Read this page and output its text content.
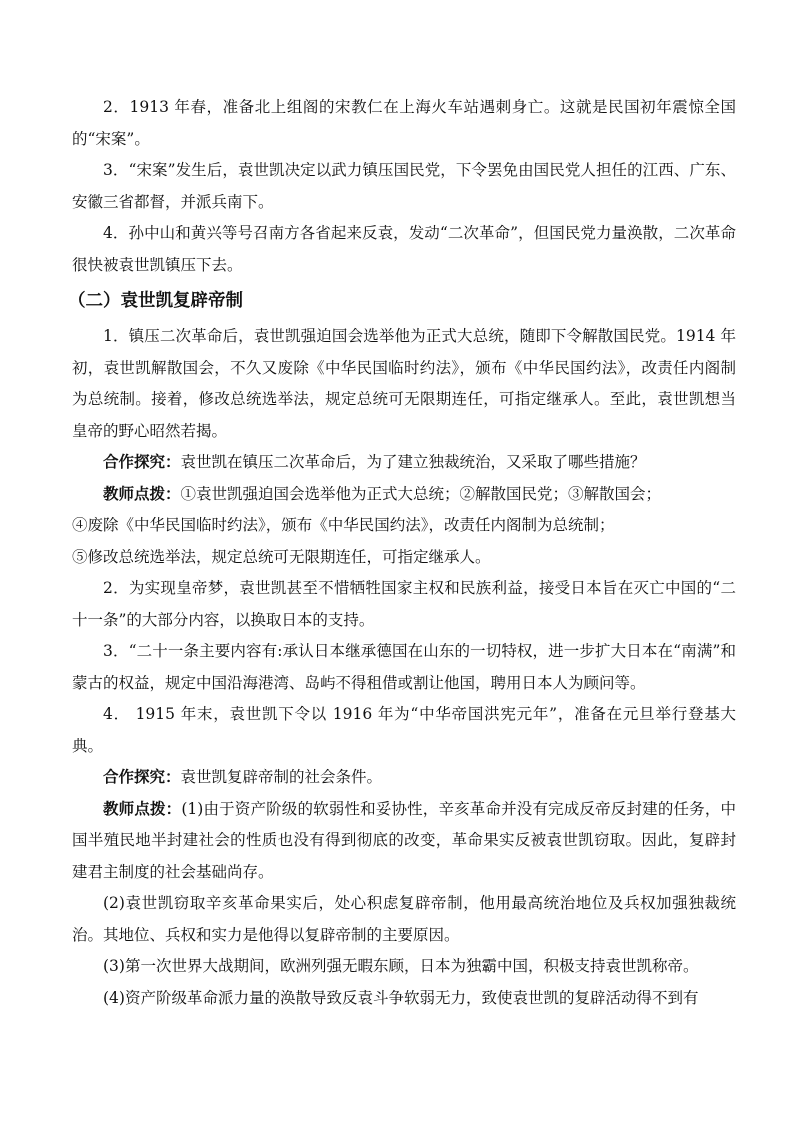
2．1913 年春，准备北上组阁的宋教仁在上海火车站遇刺身亡。这就是民国初年震惊全国的“宋案”。

3．“宋案”发生后，袁世凯决定以武力镇压国民党，下令罢免由国民党人担任的江西、广东、安徽三省都督，并派兵南下。

4．孙中山和黄兴等号召南方各省起来反袁，发动“二次革命”，但国民党力量涣散，二次革命很快被袁世凯镇压下去。

（二）袁世凯复辟帝制

1．镇压二次革命后，袁世凯强迫国会选举他为正式大总统，随即下令解散国民党。1914 年初，袁世凯解散国会，不久又废除《中华民国临时约法》，颁布《中华民国约法》，改责任内阁制为总统制。接着，修改总统选举法，规定总统可无限期连任，可指定继承人。至此，袁世凯想当皇帝的野心昭然若揭。

合作探究：袁世凯在镇压二次革命后，为了建立独裁统治，又采取了哪些措施？

教师点拨：①袁世凯强迫国会选举他为正式大总统；②解散国民党；③解散国会；

④废除《中华民国临时约法》，颁布《中华民国约法》，改责任内阁制为总统制；

⑤修改总统选举法，规定总统可无限期连任，可指定继承人。

2．为实现皇帝梦，袁世凯甚至不惜牺牲国家主权和民族利益，接受日本旨在灭亡中国的“二十一条”的大部分内容，以换取日本的支持。

3．“二十一条主要内容有:承认日本继承德国在山东的一切特权，进一步扩大日本在“南满”和蒙古的权益，规定中国沿海港湾、岛屿不得租借或割让他国，聘用日本人为顾问等。

4． 1915 年末，袁世凯下令以 1916 年为“中华帝国洪宪元年”，准备在元旦举行登基大典。

合作探究：袁世凯复辟帝制的社会条件。

教师点拨：(1)由于资产阶级的软弱性和妥协性，辛亥革命并没有完成反帝反封建的任务，中国半殖民地半封建社会的性质也没有得到彻底的改变，革命果实反被袁世凯窃取。因此，复辟封建君主制度的社会基础尚存。

(2)袁世凯窃取辛亥革命果实后，处心积虑复辟帝制，他用最高统治地位及兵权加强独裁统治。其地位、兵权和实力是他得以复辟帝制的主要原因。

(3)第一次世界大战期间，欧洲列强无暇东顾，日本为独霸中国，积极支持袁世凯称帝。

(4)资产阶级革命派力量的涣散导致反袁斗争软弱无力，致使袁世凯的复辟活动得不到有
